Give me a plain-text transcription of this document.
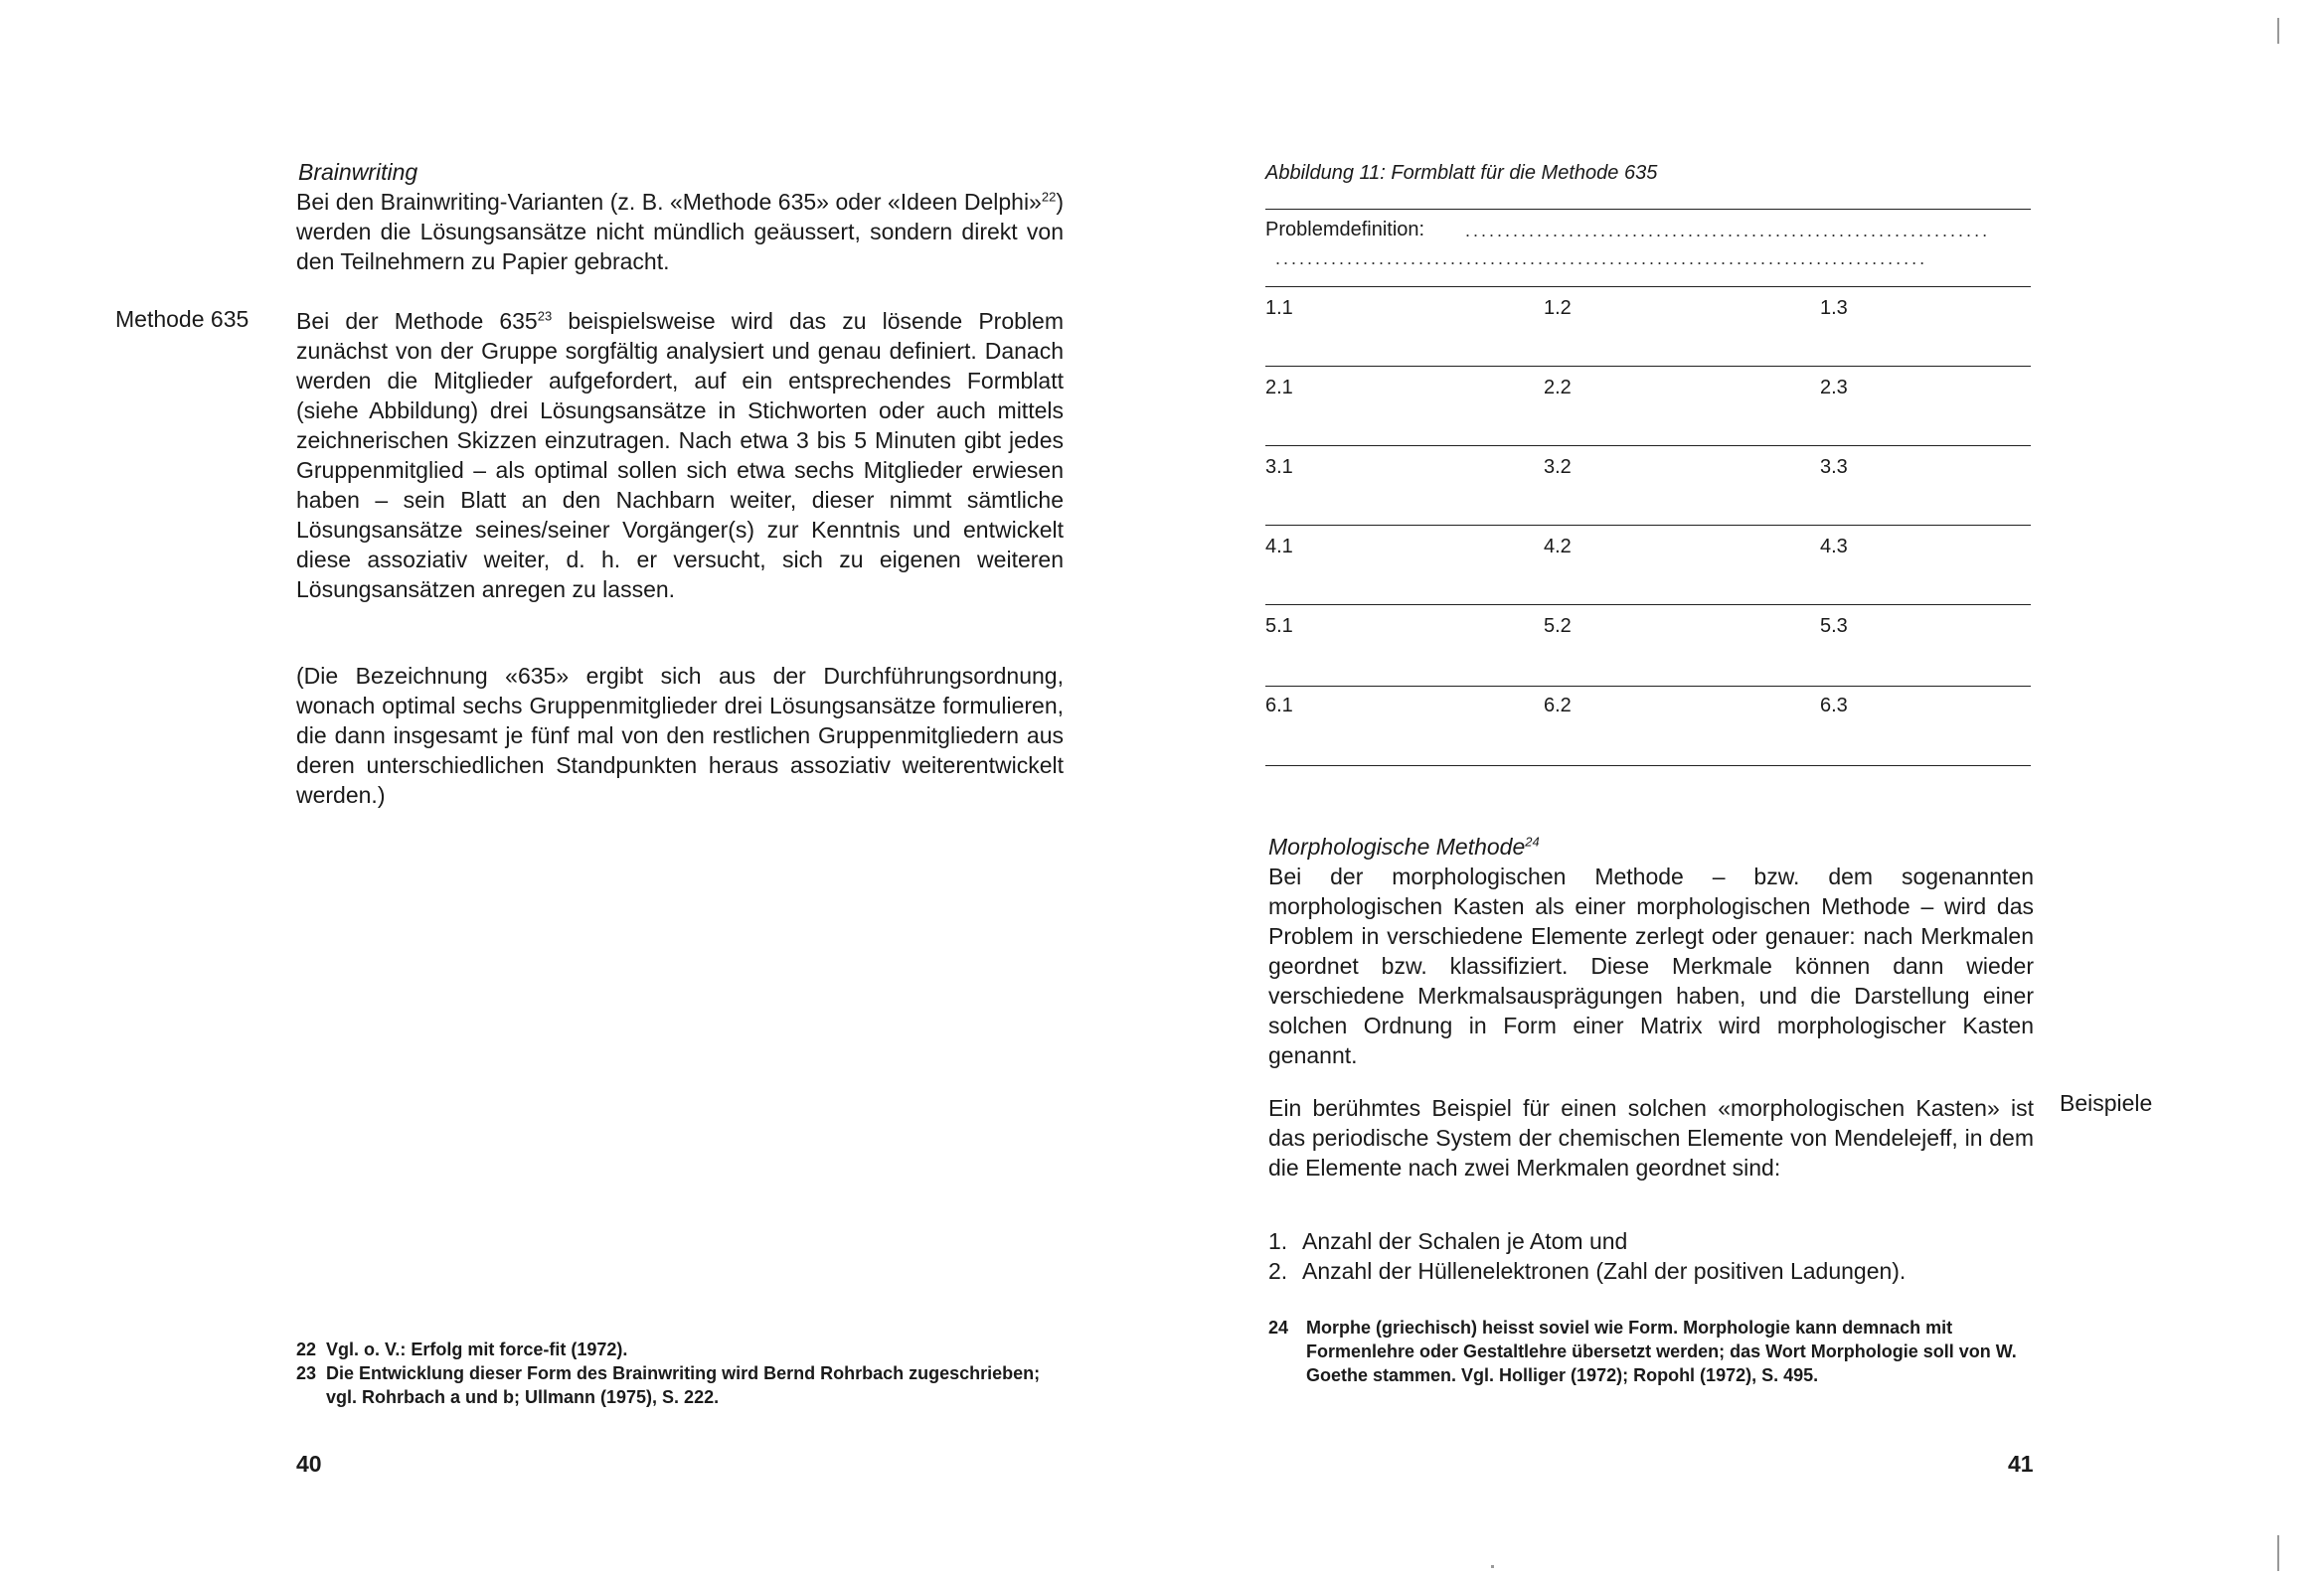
Brainwriting
Bei den Brainwriting-Varianten (z. B. «Methode 635» oder «Ideen Delphi»$^{22}$) werden die Lösungsansätze nicht mündlich geäussert, sondern direkt von den Teilnehmern zu Papier gebracht.
Methode 635 Bei der Methode $635^{23}$ beispielsweise wird das zu lösende Problem zunächst von der Gruppe sorgfältig analysiert und genau definiert. Danach werden die Mitglieder aufgefordert, auf ein entsprechendes Formblatt (siehe Abbildung) drei Lösungsansätze in Stichworten oder auch mittels zeichnerischen Skizzen einzutragen. Nach etwa 3 bis 5 Minuten gibt jedes Gruppenmitglied – als optimal sollen sich etwa sechs Mitglieder erwiesen haben – sein Blatt an den Nachbarn weiter, dieser nimmt sämtliche Lösungsansätze seines/seiner Vorgänger(s) zur Kenntnis und entwickelt diese assoziativ weiter, d. h. er versucht, sich zu eigenen weiteren Lösungsansätzen anregen zu lassen.
(Die Bezeichnung «635» ergibt sich aus der Durchführungsordnung, wonach optimal sechs Gruppenmitglieder drei Lösungsansätze formulieren, die dann insgesamt je fünf mal von den restlichen Gruppenmitgliedern aus deren unterschiedlichen Standpunkten heraus assoziativ weiterentwickelt werden.)
22 Vgl. o. V.: Erfolg mit force-fit (1972).
23 Die Entwicklung dieser Form des Brainwriting wird Bernd Rohrbach zugeschrieben; vgl. Rohrbach a und b; Ullmann (1975), S. 222.
40
Abbildung 11: Formblatt für die Methode 635
Problemdefinition: ..................................................................
..................................................................................
1.1	1.2	1.3
2.1	2.2	2.3
3.1	3.2	3.3
4.1	4.2	4.3
5.1	5.2	5.3
6.1	6.2	6.3
Morphologische Methode$^{24}$
Bei der morphologischen Methode – bzw. dem sogenannten morphologischen Kasten als einer morphologischen Methode – wird das Problem in verschiedene Elemente zerlegt oder genauer: nach Merkmalen geordnet bzw. klassifiziert. Diese Merkmale können dann wieder verschiedene Merkmalsausprägungen haben, und die Darstellung einer solchen Ordnung in Form einer Matrix wird morphologischer Kasten genannt.
Ein berühmtes Beispiel für einen solchen «morphologischen Kasten» ist das periodische System der chemischen Elemente von Mendelejeff, in dem die Elemente nach zwei Merkmalen geordnet sind:
Beispiele
1. Anzahl der Schalen je Atom und
2. Anzahl der Hüllenelektronen (Zahl der positiven Ladungen).
24 Morphe (griechisch) heisst soviel wie Form. Morphologie kann demnach mit Formenlehre oder Gestaltlehre übersetzt werden; das Wort Morphologie soll von W. Goethe stammen. Vgl. Holliger (1972); Ropohl (1972), S. 495.
41
